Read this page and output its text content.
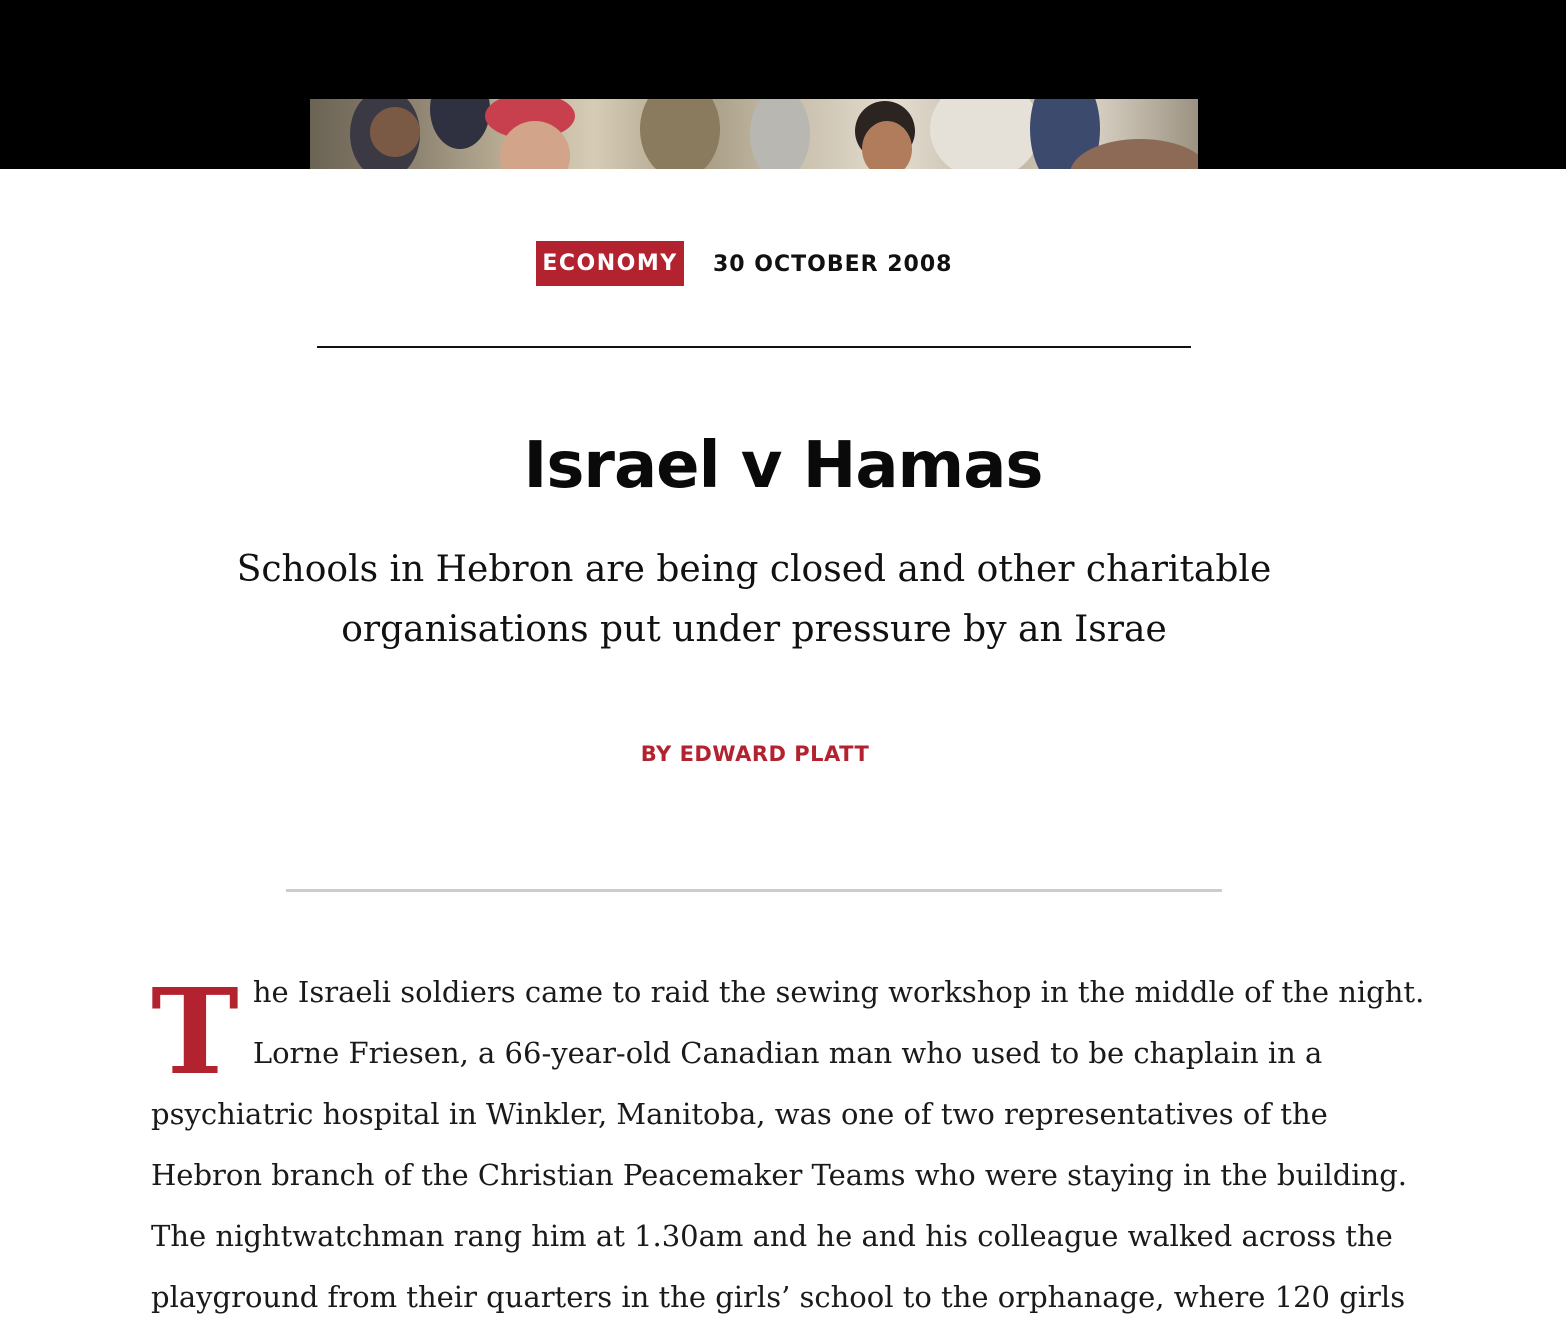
ECONOMY 30 OCTOBER 2008
Israel v Hamas

Schools in Hebron are being closed and other charitable organisations put under pressure by an Israe

BY EDWARD PLATT

The Israeli soldiers came to raid the sewing workshop in the middle of the night. Lorne Friesen, a 66-year-old Canadian man who used to be chaplain in a psychiatric hospital in Winkler, Manitoba, was one of two representatives of the Hebron branch of the Christian Peacemaker Teams who were staying in the building. The nightwatchman rang him at 1.30am and he and his colleague walked across the playground from their quarters in the girls’ school to the orphanage, where 120 girls
